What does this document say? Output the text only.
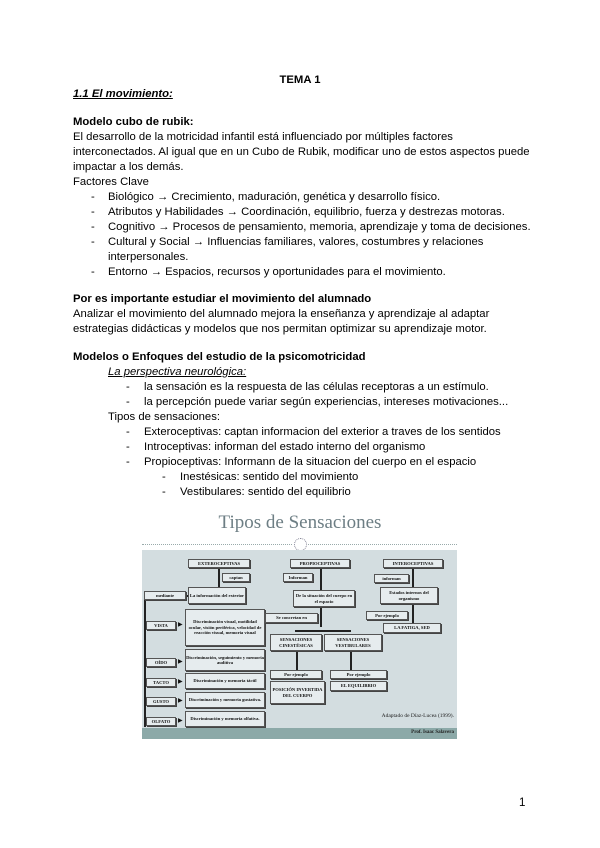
TEMA 1
1.1 El movimiento:
Modelo cubo de rubik:
El desarrollo de la motricidad infantil está influenciado por múltiples factores
interconectados. Al igual que en un Cubo de Rubik, modificar uno de estos aspectos puede
impactar a los demás.
Factores Clave
- Biológico → Crecimiento, maduración, genética y desarrollo físico.
- Atributos y Habilidades → Coordinación, equilibrio, fuerza y destrezas motoras.
- Cognitivo → Procesos de pensamiento, memoria, aprendizaje y toma de decisiones.
- Cultural y Social → Influencias familiares, valores, costumbres y relaciones
interpersonales.
- Entorno → Espacios, recursos y oportunidades para el movimiento.
Por es importante estudiar el movimiento del alumnado
Analizar el movimiento del alumnado mejora la enseñanza y aprendizaje al adaptar
estrategias didácticas y modelos que nos permitan optimizar su aprendizaje motor.
Modelos o Enfoques del estudio de la psicomotricidad
La perspectiva neurológica:
- la sensación es la respuesta de las células receptoras a un estímulo.
- la percepción puede variar según experiencias, intereses motivaciones...
Tipos de sensaciones:
- Exteroceptivas: captan informacion del exterior a traves de los sentidos
- Introceptivas: informan del estado interno del organismo
- Propioceptivas: Informann de la situacion del cuerpo en el espacio
- Inestésicas: sentido del movimiento
- Vestibulares: sentido del equilibrio
Tipos de Sensaciones
EXTEROCEPTIVAS
captan
mediante	La información del exterior
VISTA	▶
Discriminación visual, motilidad ocular, visión periférica, velocidad de reacción visual, memoria visual
OÍDO	▶
Discriminación, seguimiento y memoria auditiva
TACTO	▶	Discriminación y memoria táctil
GUSTO	▶	Discriminación y memoria gustativa.
OLFATO	▶	Discriminación y memoria olfativa.
PROPIOCEPTIVAS
Informan
De la situación del cuerpo en el espacio
Se concretan en
SENSACIONES CINESTÉSICAS
SENSACIONES VESTIBULARES
Por ejemplo	Por ejemplo
POSICIÓN INVERTIDA DEL CUERPO
EL EQUILIBRIO
INTEROCEPTIVAS
informan
Estados internos del organismo
Por ejemplo
LA FATIGA, SED
Adaptado de Díaz-Lucea (1999).
Prof. Isaac Salavera
1
